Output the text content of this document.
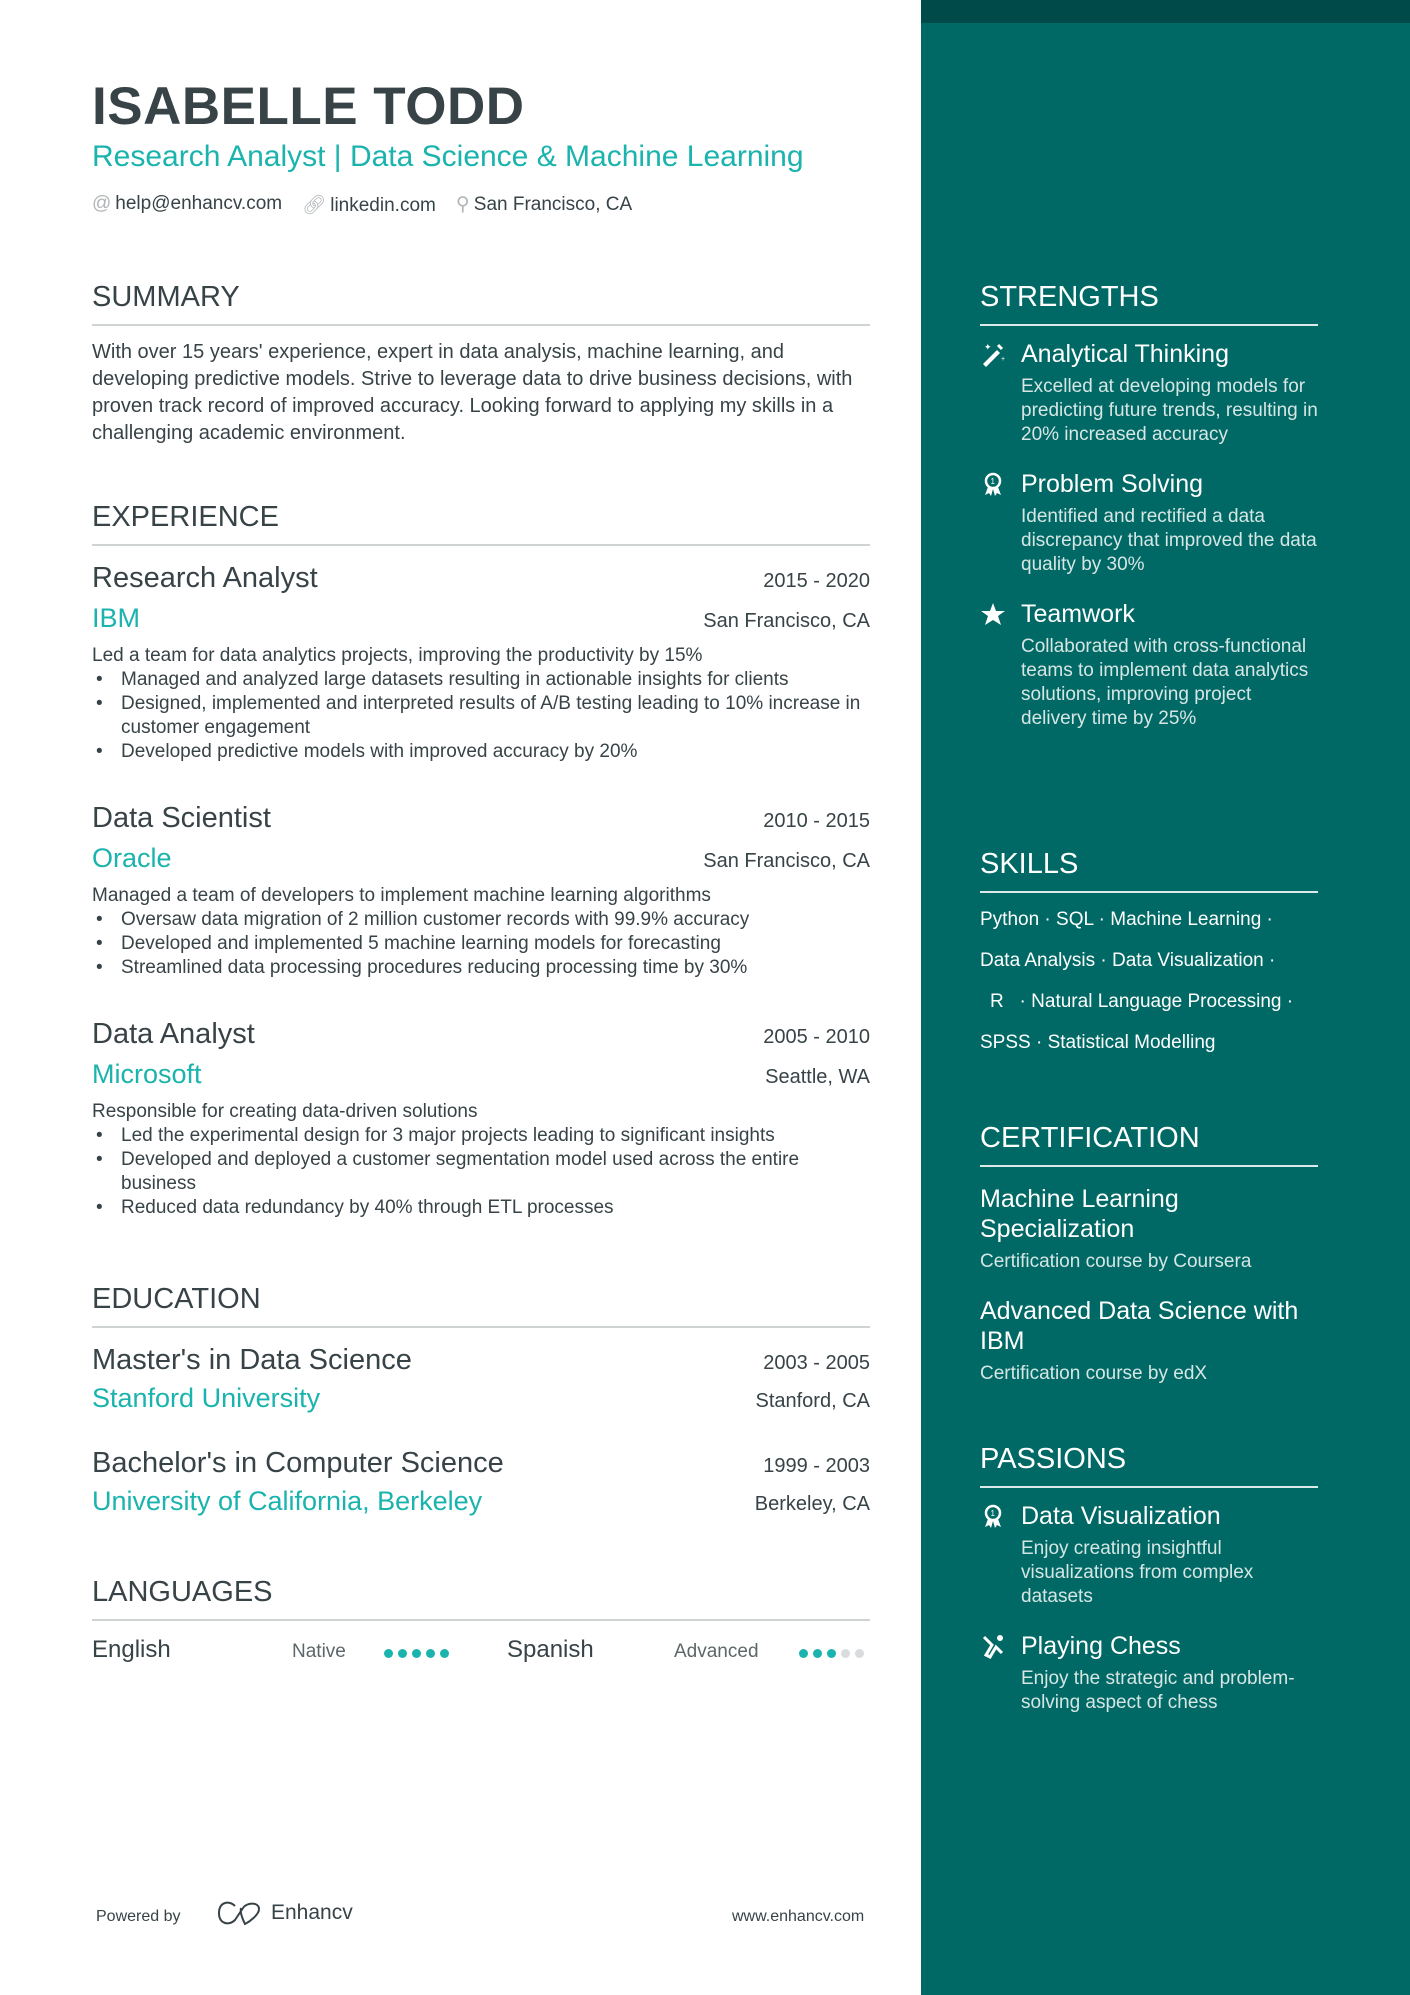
ISABELLE TODD
Research Analyst | Data Science & Machine Learning
@ help@enhancv.com 🔗︎ linkedin.com ⚲ San Francisco, CA
SUMMARY
With over 15 years' experience, expert in data analysis, machine learning, and developing predictive models. Strive to leverage data to drive business decisions, with proven track record of improved accuracy. Looking forward to applying my skills in a challenging academic environment.
EXPERIENCE
Research Analyst	2015 - 2020
IBM	San Francisco, CA
Led a team for data analytics projects, improving the productivity by 15%
• Managed and analyzed large datasets resulting in actionable insights for clients
• Designed, implemented and interpreted results of A/B testing leading to 10% increase in customer engagement
• Developed predictive models with improved accuracy by 20%
Data Scientist	2010 - 2015
Oracle	San Francisco, CA
Managed a team of developers to implement machine learning algorithms
• Oversaw data migration of 2 million customer records with 99.9% accuracy
• Developed and implemented 5 machine learning models for forecasting
• Streamlined data processing procedures reducing processing time by 30%
Data Analyst	2005 - 2010
Microsoft	Seattle, WA
Responsible for creating data-driven solutions
• Led the experimental design for 3 major projects leading to significant insights
• Developed and deployed a customer segmentation model used across the entire business
• Reduced data redundancy by 40% through ETL processes
EDUCATION
Master's in Data Science	2003 - 2005
Stanford University	Stanford, CA
Bachelor's in Computer Science	1999 - 2003
University of California, Berkeley	Berkeley, CA
LANGUAGES
English	Native	Spanish	Advanced
Powered by	Enhancv	www.enhancv.com
STRENGTHS
✦
+ Analytical Thinking
Excelled at developing models for predicting future trends, resulting in 20% increased accuracy
1 Problem Solving
Identified and rectified a data discrepancy that improved the data quality by 30%
Teamwork
Collaborated with cross-functional teams to implement data analytics solutions, improving project delivery time by 25%
SKILLS
Python · SQL · Machine Learning ·
Data Analysis · Data Visualization ·
R   · Natural Language Processing ·
SPSS · Statistical Modelling
CERTIFICATION
Machine Learning Specialization
Certification course by Coursera
Advanced Data Science with IBM
Certification course by edX
PASSIONS
1 Data Visualization
Enjoy creating insightful visualizations from complex datasets
Playing Chess
Enjoy the strategic and problem-solving aspect of chess
